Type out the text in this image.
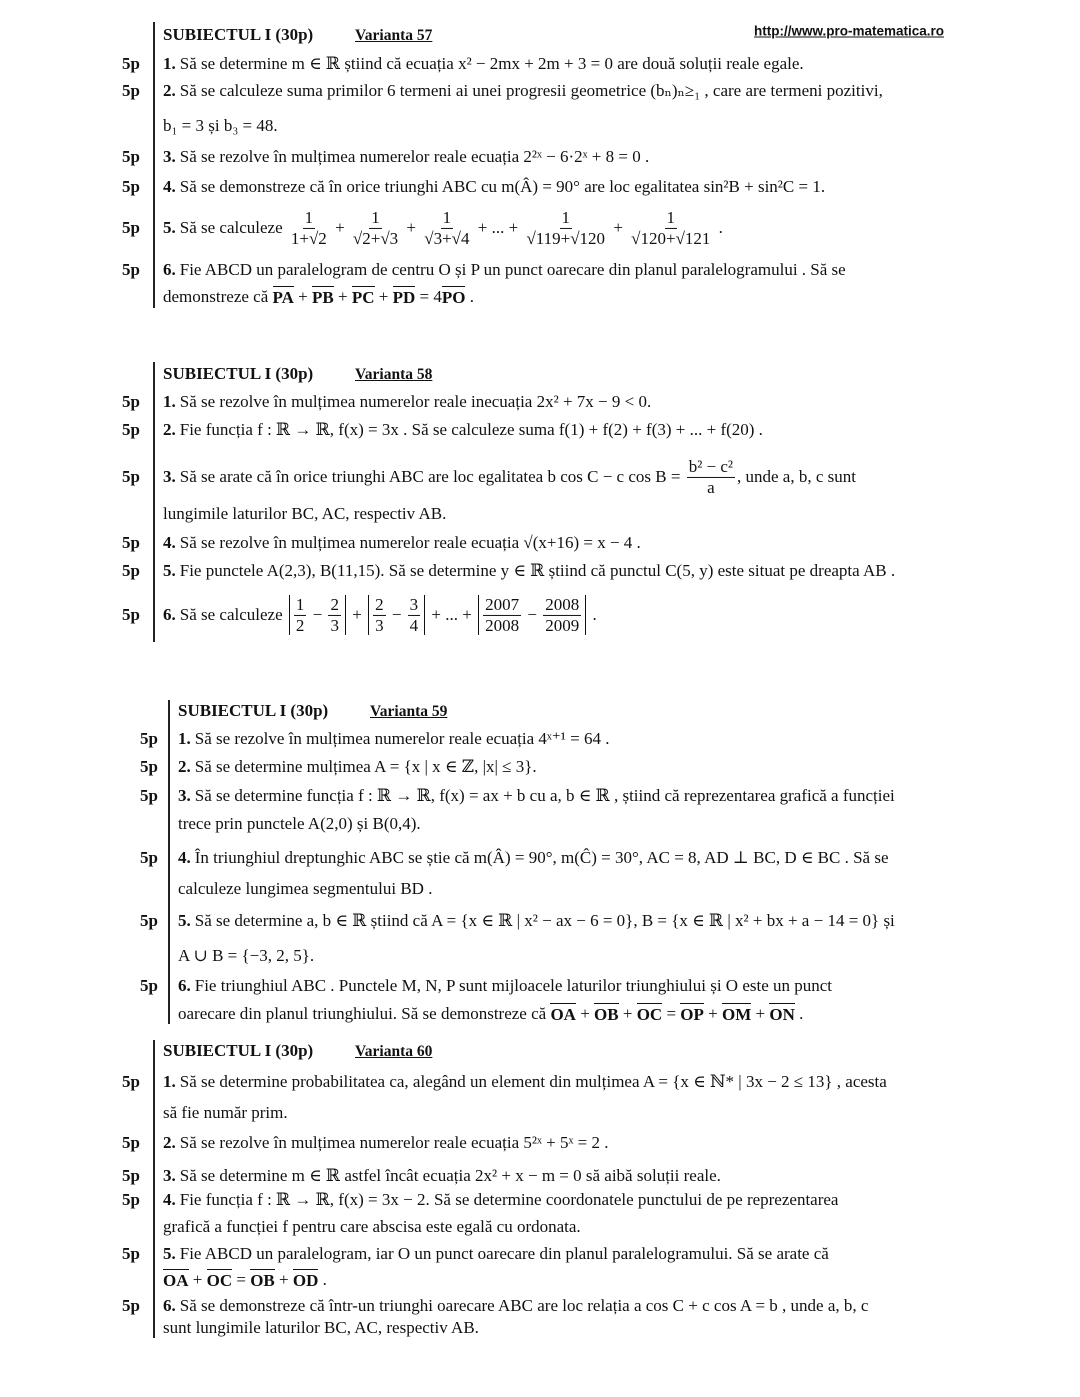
http://www.pro-matematica.ro
SUBIECTUL I (30p)	Varianta 57
5p 1. Să se determine m ∈ ℝ știind că ecuația x² − 2mx + 2m + 3 = 0 are două soluții reale egale.
5p 2. Să se calculeze suma primilor 6 termeni ai unei progresii geometrice (bₙ)ₙ≥₁ , care are termeni pozitivi,
b₁ = 3 și b₃ = 48.
5p 3. Să se rezolve în mulțimea numerelor reale ecuația 2²ˣ − 6·2ˣ + 8 = 0 .
5p 4. Să se demonstreze că în orice triunghi ABC cu m(Â) = 90° are loc egalitatea sin²B + sin²C = 1.
5p 5. Să se calculeze $\frac{1}{1+√2} + \frac{1}{√2+√3} + \frac{1}{√3+√4}$ + ... + $\frac{1}{√119+√120} + \frac{1}{√120+√121}$ .
5p 6. Fie ABCD un paralelogram de centru O și P un punct oarecare din planul paralelogramului . Să se
demonstreze că PA + PB + PC + PD = 4 PO .
SUBIECTUL I (30p)	Varianta 58
5p 1. Să se rezolve în mulțimea numerelor reale inecuația 2x² + 7x − 9 < 0.
5p 2. Fie funcția f : ℝ → ℝ, f(x) = 3x . Să se calculeze suma f(1) + f(2) + f(3) + ... + f(20) .
5p 3. Să se arate că în orice triunghi ABC are loc egalitatea b cos C − c $\cos B = \frac{\text{b² − c²}}{a}$ , unde a, b, c sunt
lungimile laturilor BC, AC, respectiv AB.
5p 4. Să se rezolve în mulțimea numerelor reale ecuația √(x+16) = x − 4 .
5p 5. Fie punctele A(2,3), B(11,15). Să se determine y ∈ ℝ știind că punctul C(5, y) este situat pe dreapta AB .
5p 6. Să se calculeze $\frac{1}{2} - \frac{2}{3} + \frac{2}{3} - \frac{3}{4}$ + ... + $\frac{2007}{2008} - \frac{2008}{2009}$ .
SUBIECTUL I (30p)	Varianta 59
5p 1. Să se rezolve în mulțimea numerelor reale ecuația 4ˣ⁺¹ = 64 .
5p 2. Să se determine mulțimea A = {x | x ∈ ℤ, |x| ≤ 3}.
5p 3. Să se determine funcția f : ℝ → ℝ, f(x) = ax + b cu a, b ∈ ℝ , știind că reprezentarea grafică a funcției
trece prin punctele A(2,0) și B(0,4).
5p 4. În triunghiul dreptunghic ABC se știe că m(Â) = 90°, m(Ĉ) = 30°, AC = 8, AD ⊥ BC, D ∈ BC . Să se
calculeze lungimea segmentului BD .
5p 5. Să se determine a, b ∈ ℝ știind că A = {x ∈ ℝ | x² − ax − 6 = 0}, B = {x ∈ ℝ | x² + bx + a − 14 = 0} și
A ∪ B = {−3, 2, 5}.
5p 6. Fie triunghiul ABC . Punctele M, N, P sunt mijloacele laturilor triunghiului și O este un punct
oarecare din planul triunghiului. Să se demonstreze că OA + OB + OC = OP + OM + ON .
SUBIECTUL I (30p)	Varianta 60
5p 1. Să se determine probabilitatea ca, alegând un element din mulțimea A = {x ∈ ℕ* | 3x − 2 ≤ 13} , acesta
să fie număr prim.
5p 2. Să se rezolve în mulțimea numerelor reale ecuația 5²ˣ + 5ˣ = 2 .
5p 3. Să se determine m ∈ ℝ astfel încât ecuația 2x² + x − m = 0 să aibă soluții reale.
5p 4. Fie funcția f : ℝ → ℝ, f(x) = 3x − 2. Să se determine coordonatele punctului de pe reprezentarea
grafică a funcției f pentru care abscisa este egală cu ordonata.
5p 5. Fie ABCD un paralelogram, iar O un punct oarecare din planul paralelogramului. Să se arate că
OA + OC = OB + OD .
5p 6. Să se demonstreze că într-un triunghi oarecare ABC are loc relația a cos C + c cos A = b , unde a, b, c
sunt lungimile laturilor BC, AC, respectiv AB.
